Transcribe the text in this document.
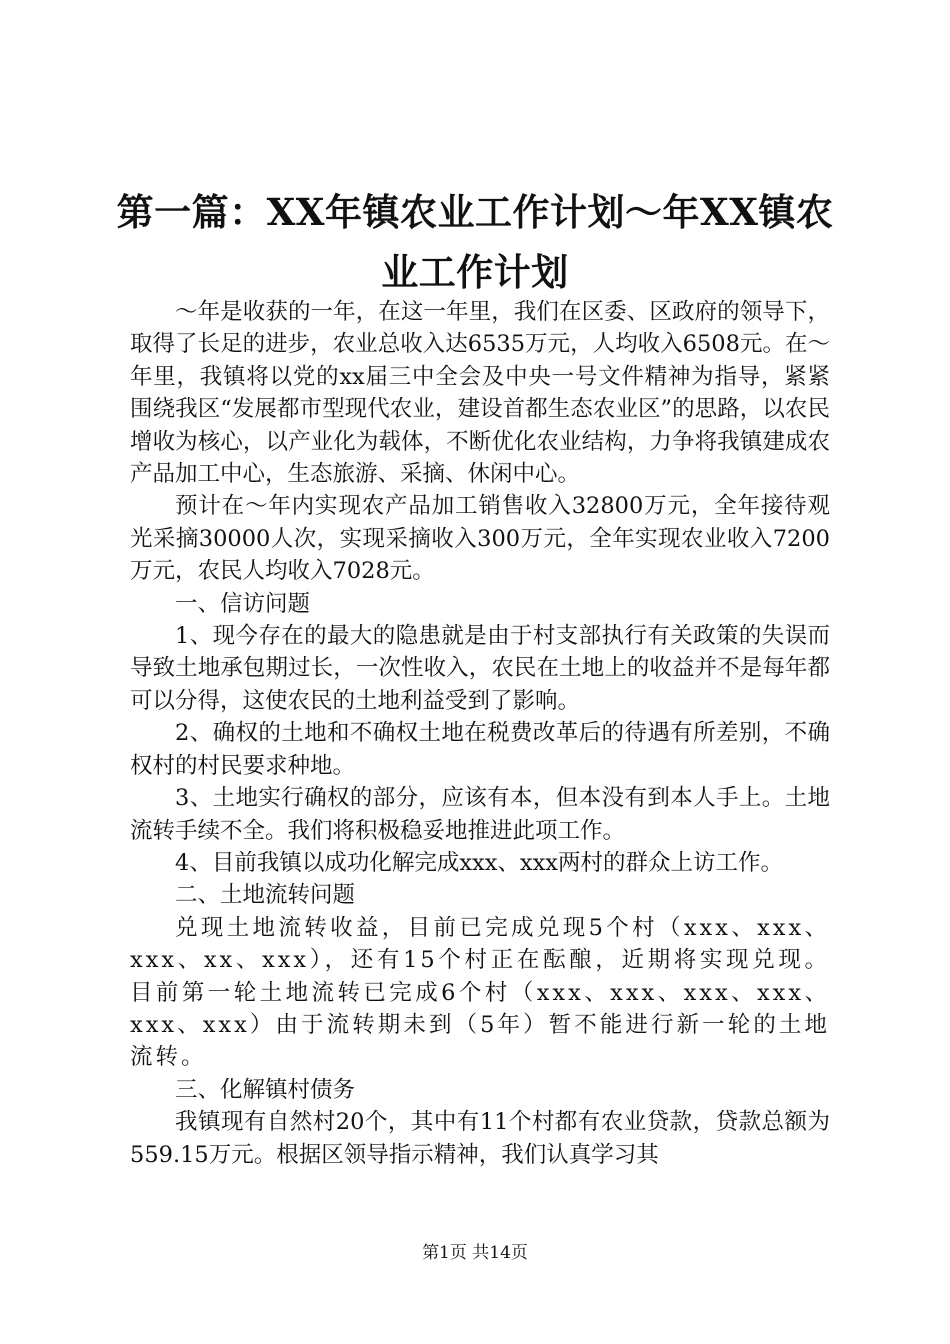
第一篇：XX年镇农业工作计划～年XX镇农业工作计划

～年是收获的一年，在这一年里，我们在区委、区政府的领导下，取得了长足的进步，农业总收入达6535万元，人均收入6508元。在～年里，我镇将以党的xx届三中全会及中央一号文件精神为指导，紧紧围绕我区“发展都市型现代农业，建设首都生态农业区”的思路，以农民增收为核心，以产业化为载体，不断优化农业结构，力争将我镇建成农产品加工中心，生态旅游、采摘、休闲中心。

预计在～年内实现农产品加工销售收入32800万元，全年接待观光采摘30000人次，实现采摘收入300万元，全年实现农业收入7200万元，农民人均收入7028元。

一、信访问题

1、现今存在的最大的隐患就是由于村支部执行有关政策的失误而导致土地承包期过长，一次性收入，农民在土地上的收益并不是每年都可以分得，这使农民的土地利益受到了影响。

2、确权的土地和不确权土地在税费改革后的待遇有所差别，不确权村的村民要求种地。

3、土地实行确权的部分，应该有本，但本没有到本人手上。土地流转手续不全。我们将积极稳妥地推进此项工作。

4、目前我镇以成功化解完成xxx、xxx两村的群众上访工作。

二、土地流转问题

兑现土地流转收益，目前已完成兑现5个村（xxx、xxx、xxx、xx、xxx），还有15个村正在酝酿，近期将实现兑现。目前第一轮土地流转已完成6个村（xxx、xxx、xxx、xxx、xxx、xxx）由于流转期未到（5年）暂不能进行新一轮的土地流转。

三、化解镇村债务

我镇现有自然村20个，其中有11个村都有农业贷款，贷款总额为559.15万元。根据区领导指示精神，我们认真学习其

第1页 共14页
